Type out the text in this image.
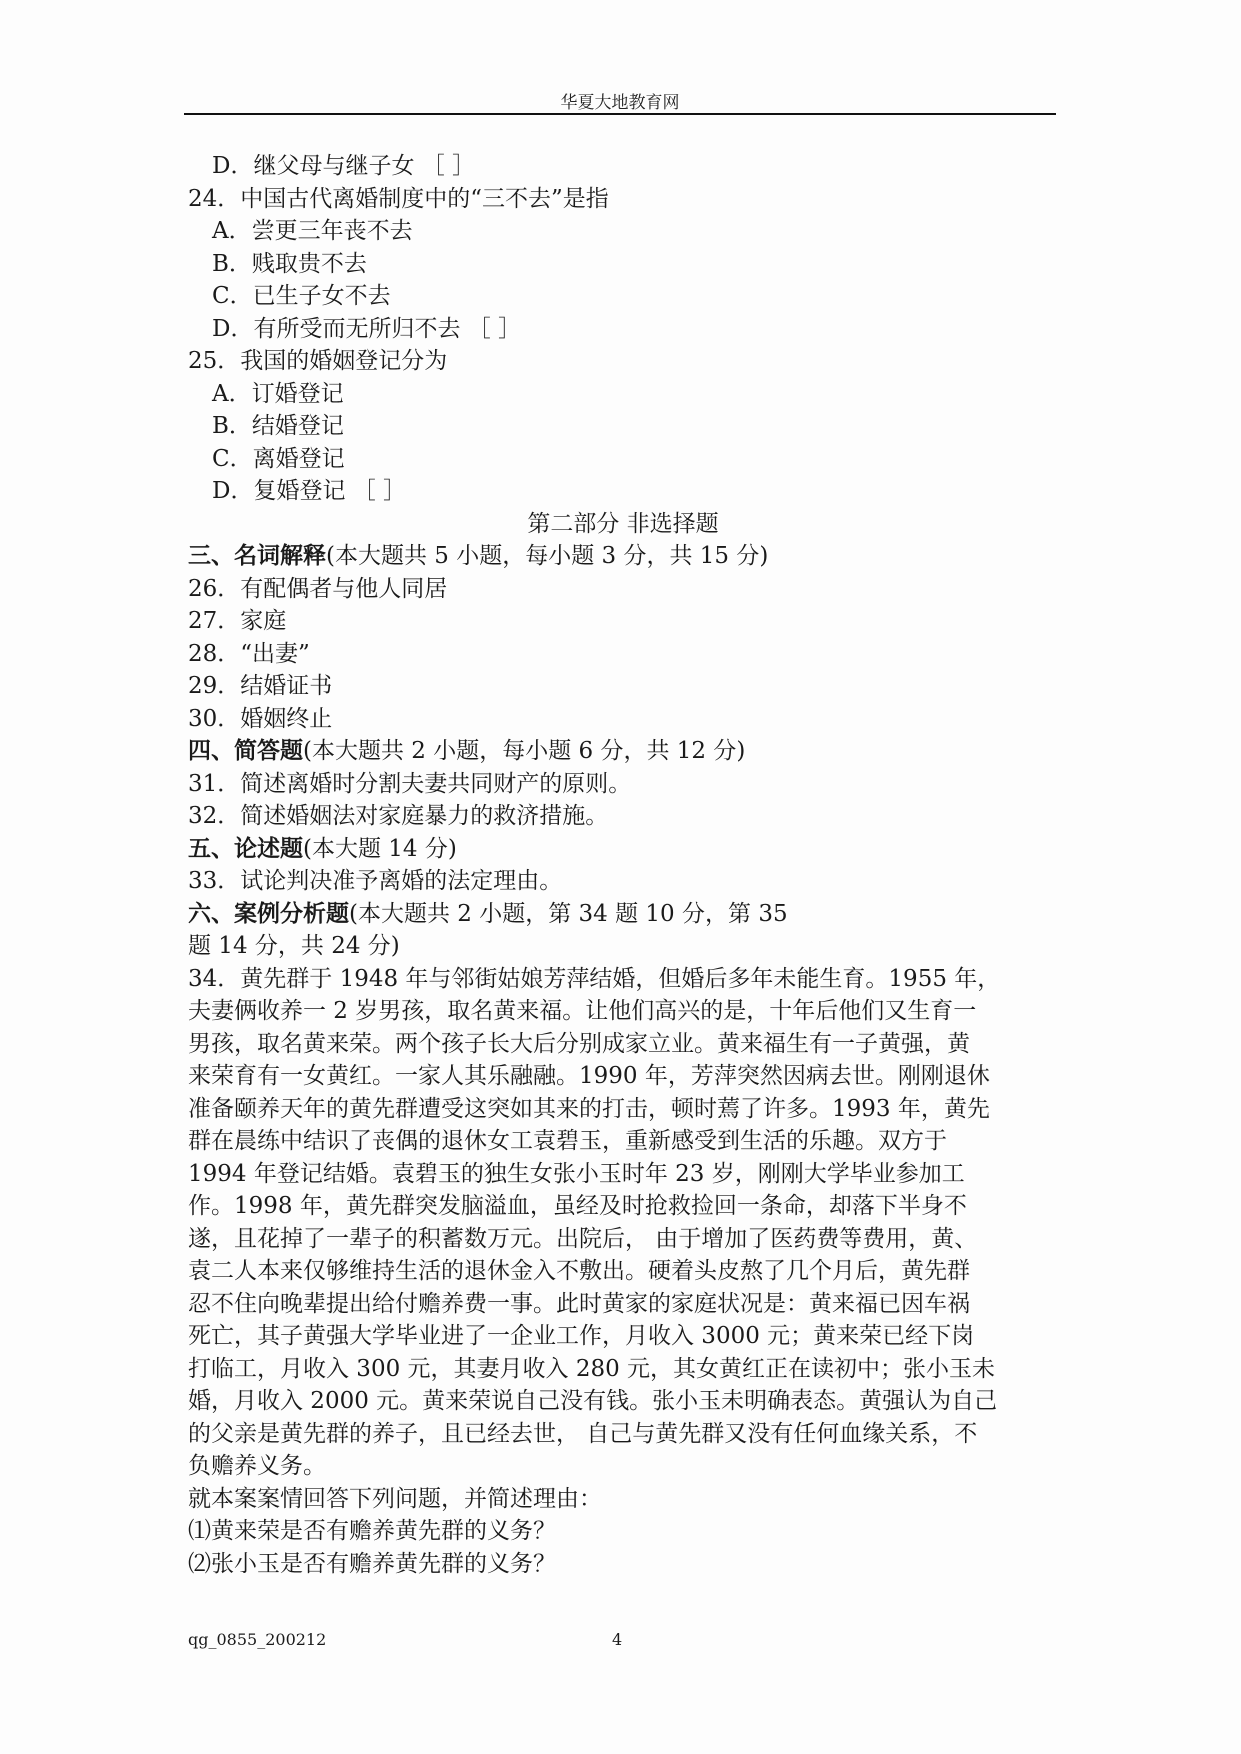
华夏大地教育网
D．继父母与继子女 ［ ］
24．中国古代离婚制度中的“三不去”是指
A．尝更三年丧不去
B．贱取贵不去
C．已生子女不去
D．有所受而无所归不去 ［ ］
25．我国的婚姻登记分为
A．订婚登记
B．结婚登记
C．离婚登记
D．复婚登记 ［ ］
第二部分 非选择题
三、名词解释(本大题共 5 小题，每小题 3 分，共 15 分)
26．有配偶者与他人同居
27．家庭
28．“出妻”
29．结婚证书
30．婚姻终止
四、简答题(本大题共 2 小题，每小题 6 分，共 12 分)
31．简述离婚时分割夫妻共同财产的原则。
32．简述婚姻法对家庭暴力的救济措施。
五、论述题(本大题 14 分)
33．试论判决准予离婚的法定理由。
六、案例分析题(本大题共 2 小题，第 34 题 10 分，第 35
题 14 分，共 24 分)
34．黄先群于 1948 年与邻街姑娘芳萍结婚，但婚后多年未能生育。1955 年，
夫妻俩收养一 2 岁男孩，取名黄来福。让他们高兴的是，十年后他们又生育一
男孩，取名黄来荣。两个孩子长大后分别成家立业。黄来福生有一子黄强，黄
来荣育有一女黄红。一家人其乐融融。1990 年，芳萍突然因病去世。刚刚退休
准备颐养天年的黄先群遭受这突如其来的打击，顿时蔫了许多。1993 年，黄先
群在晨练中结识了丧偶的退休女工袁碧玉，重新感受到生活的乐趣。双方于
1994 年登记结婚。袁碧玉的独生女张小玉时年 23 岁，刚刚大学毕业参加工
作。1998 年，黄先群突发脑溢血，虽经及时抢救捡回一条命，却落下半身不
遂，且花掉了一辈子的积蓄数万元。出院后， 由于增加了医药费等费用，黄、
袁二人本来仅够维持生活的退休金入不敷出。硬着头皮熬了几个月后，黄先群
忍不住向晚辈提出给付赡养费一事。此时黄家的家庭状况是：黄来福已因车祸
死亡，其子黄强大学毕业进了一企业工作，月收入 3000 元；黄来荣已经下岗
打临工，月收入 300 元，其妻月收入 280 元，其女黄红正在读初中；张小玉未
婚，月收入 2000 元。黄来荣说自己没有钱。张小玉未明确表态。黄强认为自己
的父亲是黄先群的养子，且已经去世， 自己与黄先群又没有任何血缘关系，不
负赡养义务。
就本案案情回答下列问题，并简述理由：
⑴黄来荣是否有赡养黄先群的义务？
⑵张小玉是否有赡养黄先群的义务？
qg_0855_200212	4
